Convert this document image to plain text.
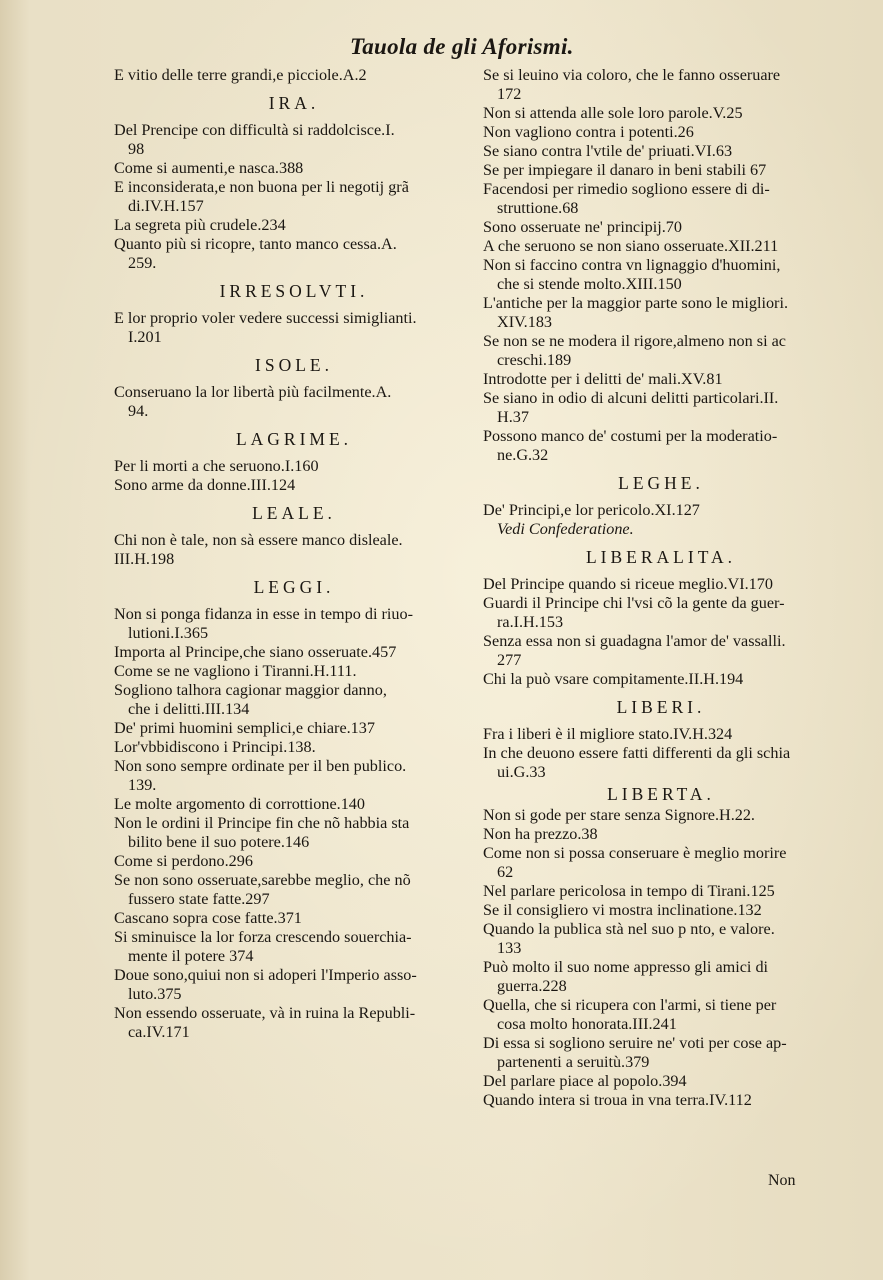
Tauola de gli Aforismi.
E vitio delle terre grandi,e picciole.A.2
IRA.
Del Prencipe con difficultà si raddolcisce.I.
98
Come si aumenti,e nasca.388
E inconsiderata,e non buona per li negotij grã
di.IV.H.157
La segreta più crudele.234
Quanto più si ricopre, tanto manco cessa.A.
259.
IRRESOLVTI.
E lor proprio voler vedere successi simiglianti.
I.201
ISOLE.
Conseruano la lor libertà più facilmente.A.
94.
LAGRIME.
Per li morti a che seruono.I.160
Sono arme da donne.III.124
LEALE.
Chi non è tale, non sà essere manco disleale.
III.H.198
LEGGI.
Non si ponga fidanza in esse in tempo di riuo-
lutioni.I.365
Importa al Principe,che siano osseruate.457
Come se ne vagliono i Tiranni.H.111.
Sogliono talhora cagionar maggior danno,
che i delitti.III.134
De' primi huomini semplici,e chiare.137
Lor'vbbidiscono i Principi.138.
Non sono sempre ordinate per il ben publico.
139.
Le molte argomento di corrottione.140
Non le ordini il Principe fin che nõ habbia sta
bilito bene il suo potere.146
Come si perdono.296
Se non sono osseruate,sarebbe meglio, che nõ
fussero state fatte.297
Cascano sopra cose fatte.371
Si sminuisce la lor forza crescendo souerchia-
mente il potere 374
Doue sono,quiui non si adoperi l'Imperio asso-
luto.375
Non essendo osseruate, và in ruina la Republi-
ca.IV.171
Se si leuino via coloro, che le fanno osseruare
172
Non si attenda alle sole loro parole.V.25
Non vagliono contra i potenti.26
Se siano contra l'vtile de' priuati.VI.63
Se per impiegare il danaro in beni stabili 67
Facendosi per rimedio sogliono essere di di-
struttione.68
Sono osseruate ne' principij.70
A che seruono se non siano osseruate.XII.211
Non si faccino contra vn lignaggio d'huomini,
che si stende molto.XIII.150
L'antiche per la maggior parte sono le migliori.
XIV.183
Se non se ne modera il rigore,almeno non si ac
creschi.189
Introdotte per i delitti de' mali.XV.81
Se siano in odio di alcuni delitti particolari.II.
H.37
Possono manco de' costumi per la moderatio-
ne.G.32
LEGHE.
De' Principi,e lor pericolo.XI.127
Vedi Confederatione.
LIBERALITA.
Del Principe quando si riceue meglio.VI.170
Guardi il Principe chi l'vsi cõ la gente da guer-
ra.I.H.153
Senza essa non si guadagna l'amor de' vassalli.
277
Chi la può vsare compitamente.II.H.194
LIBERI.
Fra i liberi è il migliore stato.IV.H.324
In che deuono essere fatti differenti da gli schia
ui.G.33
LIBERTA.
Non si gode per stare senza Signore.H.22.
Non ha prezzo.38
Come non si possa conseruare è meglio morire
62
Nel parlare pericolosa in tempo di Tirani.125
Se il consigliero vi mostra inclinatione.132
Quando la publica stà nel suo p nto, e valore.
133
Può molto il suo nome appresso gli amici di
guerra.228
Quella, che si ricupera con l'armi, si tiene per
cosa molto honorata.III.241
Di essa si sogliono seruire ne' voti per cose ap-
partenenti a seruitù.379
Del parlare piace al popolo.394
Quando intera si troua in vna terra.IV.112
Non
